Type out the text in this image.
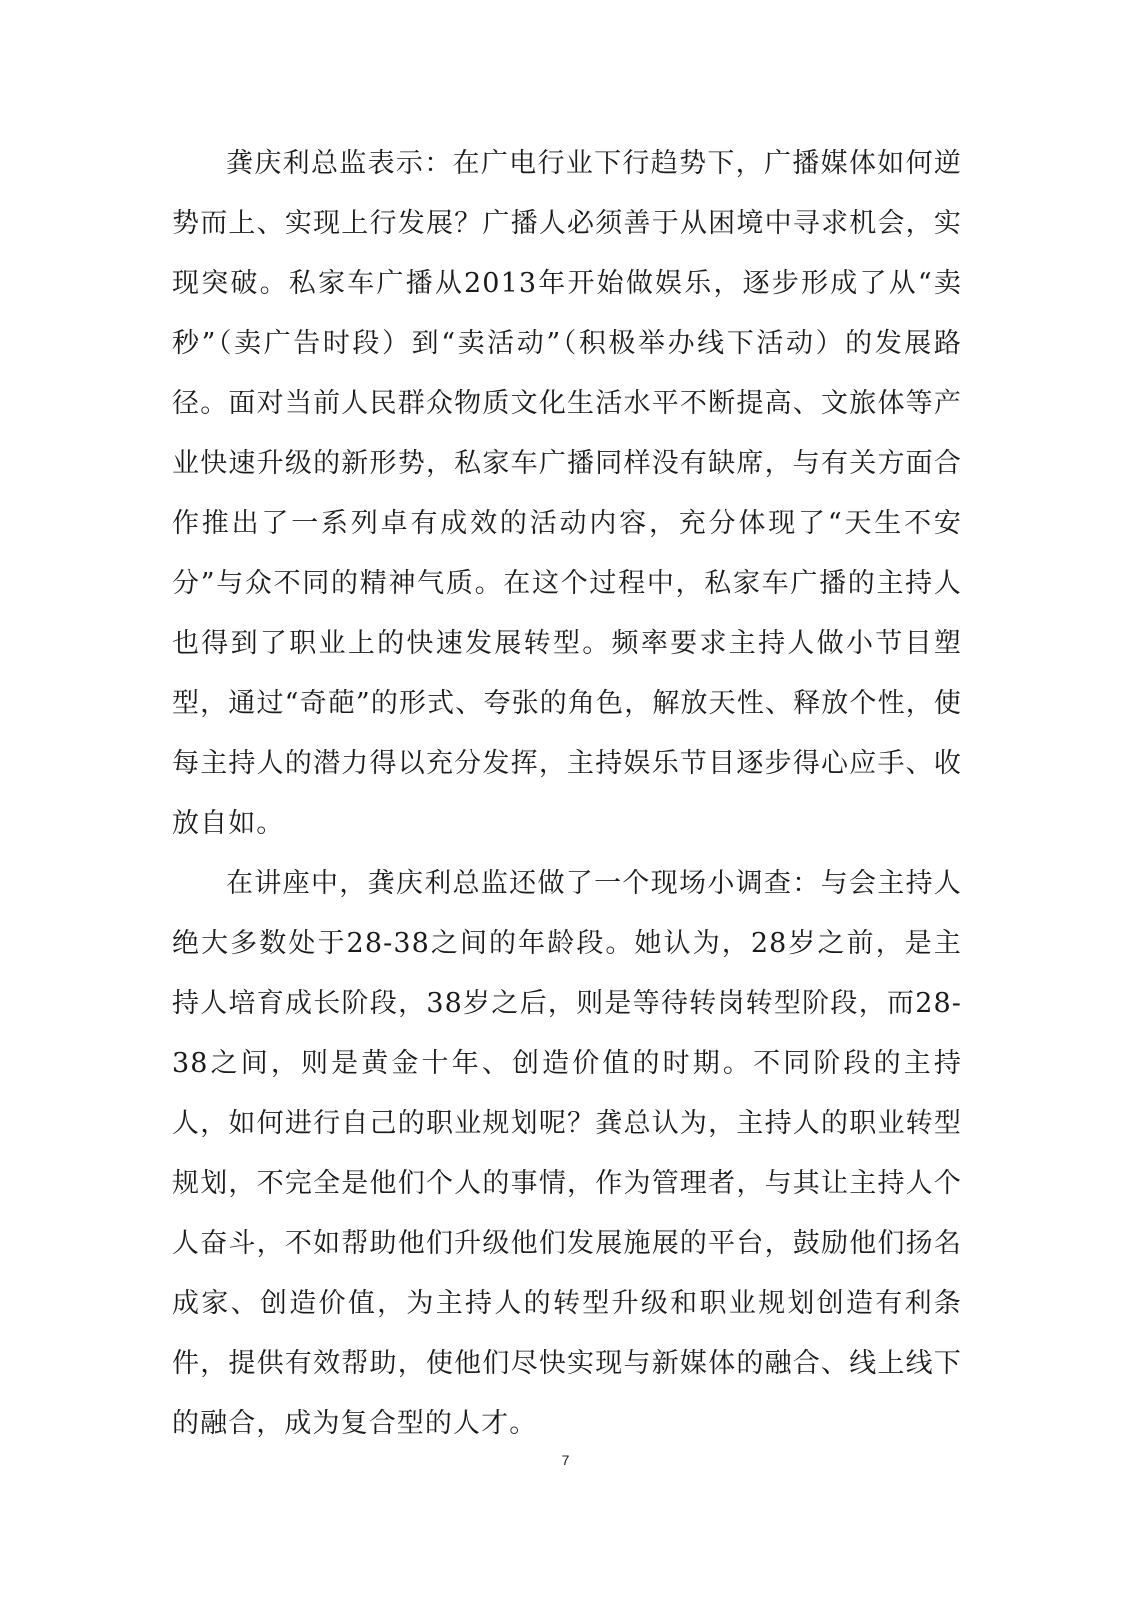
龚庆利总监表示：在广电行业下行趋势下，广播媒体如何逆势而上、实现上行发展？广播人必须善于从困境中寻求机会，实现突破。私家车广播从2013年开始做娱乐，逐步形成了从“卖秒”（卖广告时段）到“卖活动”（积极举办线下活动）的发展路径。面对当前人民群众物质文化生活水平不断提高、文旅体等产业快速升级的新形势，私家车广播同样没有缺席，与有关方面合作推出了一系列卓有成效的活动内容，充分体现了“天生不安分”与众不同的精神气质。在这个过程中，私家车广播的主持人也得到了职业上的快速发展转型。频率要求主持人做小节目塑型，通过“奇葩”的形式、夸张的角色，解放天性、释放个性，使每主持人的潜力得以充分发挥，主持娱乐节目逐步得心应手、收放自如。

在讲座中，龚庆利总监还做了一个现场小调查：与会主持人绝大多数处于28-38之间的年龄段。她认为，28岁之前，是主持人培育成长阶段，38岁之后，则是等待转岗转型阶段，而28-38之间，则是黄金十年、创造价值的时期。不同阶段的主持人，如何进行自己的职业规划呢？龚总认为，主持人的职业转型规划，不完全是他们个人的事情，作为管理者，与其让主持人个人奋斗，不如帮助他们升级他们发展施展的平台，鼓励他们扬名成家、创造价值，为主持人的转型升级和职业规划创造有利条件，提供有效帮助，使他们尽快实现与新媒体的融合、线上线下的融合，成为复合型的人才。

7
